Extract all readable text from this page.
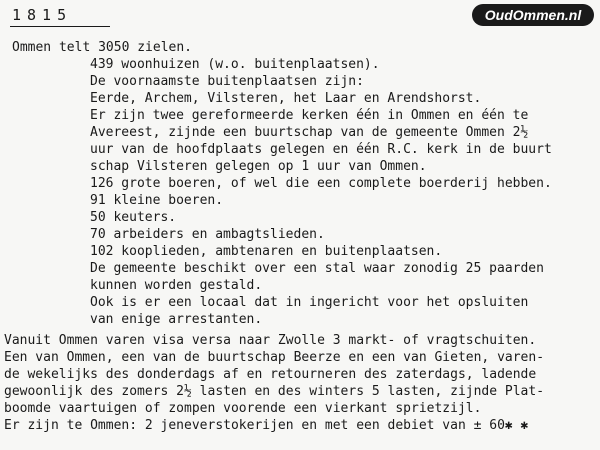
1815	OudOmmen.nl
Ommen telt 3050 zielen.
439 woonhuizen (w.o. buitenplaatsen).
De voornaamste buitenplaatsen zijn:
Eerde, Archem, Vilsteren, het Laar en Arendshorst.
Er zijn twee gereformeerde kerken één in Ommen en één te
Avereest, zijnde een buurtschap van de gemeente Ommen 2½
uur van de hoofdplaats gelegen en één R.C. kerk in de buurt
schap Vilsteren gelegen op 1 uur van Ommen.
126 grote boeren, of wel die een complete boerderij hebben.
91 kleine boeren.
50 keuters.
70 arbeiders en ambagtslieden.
102 kooplieden, ambtenaren en buitenplaatsen.
De gemeente beschikt over een stal waar zonodig 25 paarden
kunnen worden gestald.
Ook is er een locaal dat in ingericht voor het opsluiten
van enige arrestanten.
Vanuit Ommen varen visa versa naar Zwolle 3 markt- of vragtschuiten.
Een van Ommen, een van de buurtschap Beerze en een van Gieten, varen-
de wekelijks des donderdags af en retourneren des zaterdags, ladende
gewoonlijk des zomers 2½ lasten en des winters 5 lasten, zijnde Plat-
boomde vaartuigen of zompen voorende een vierkant sprietzijl.
Er zijn te Ommen: 2 jeneverstokerijen en met een debiet van ± 60✱ ✱
